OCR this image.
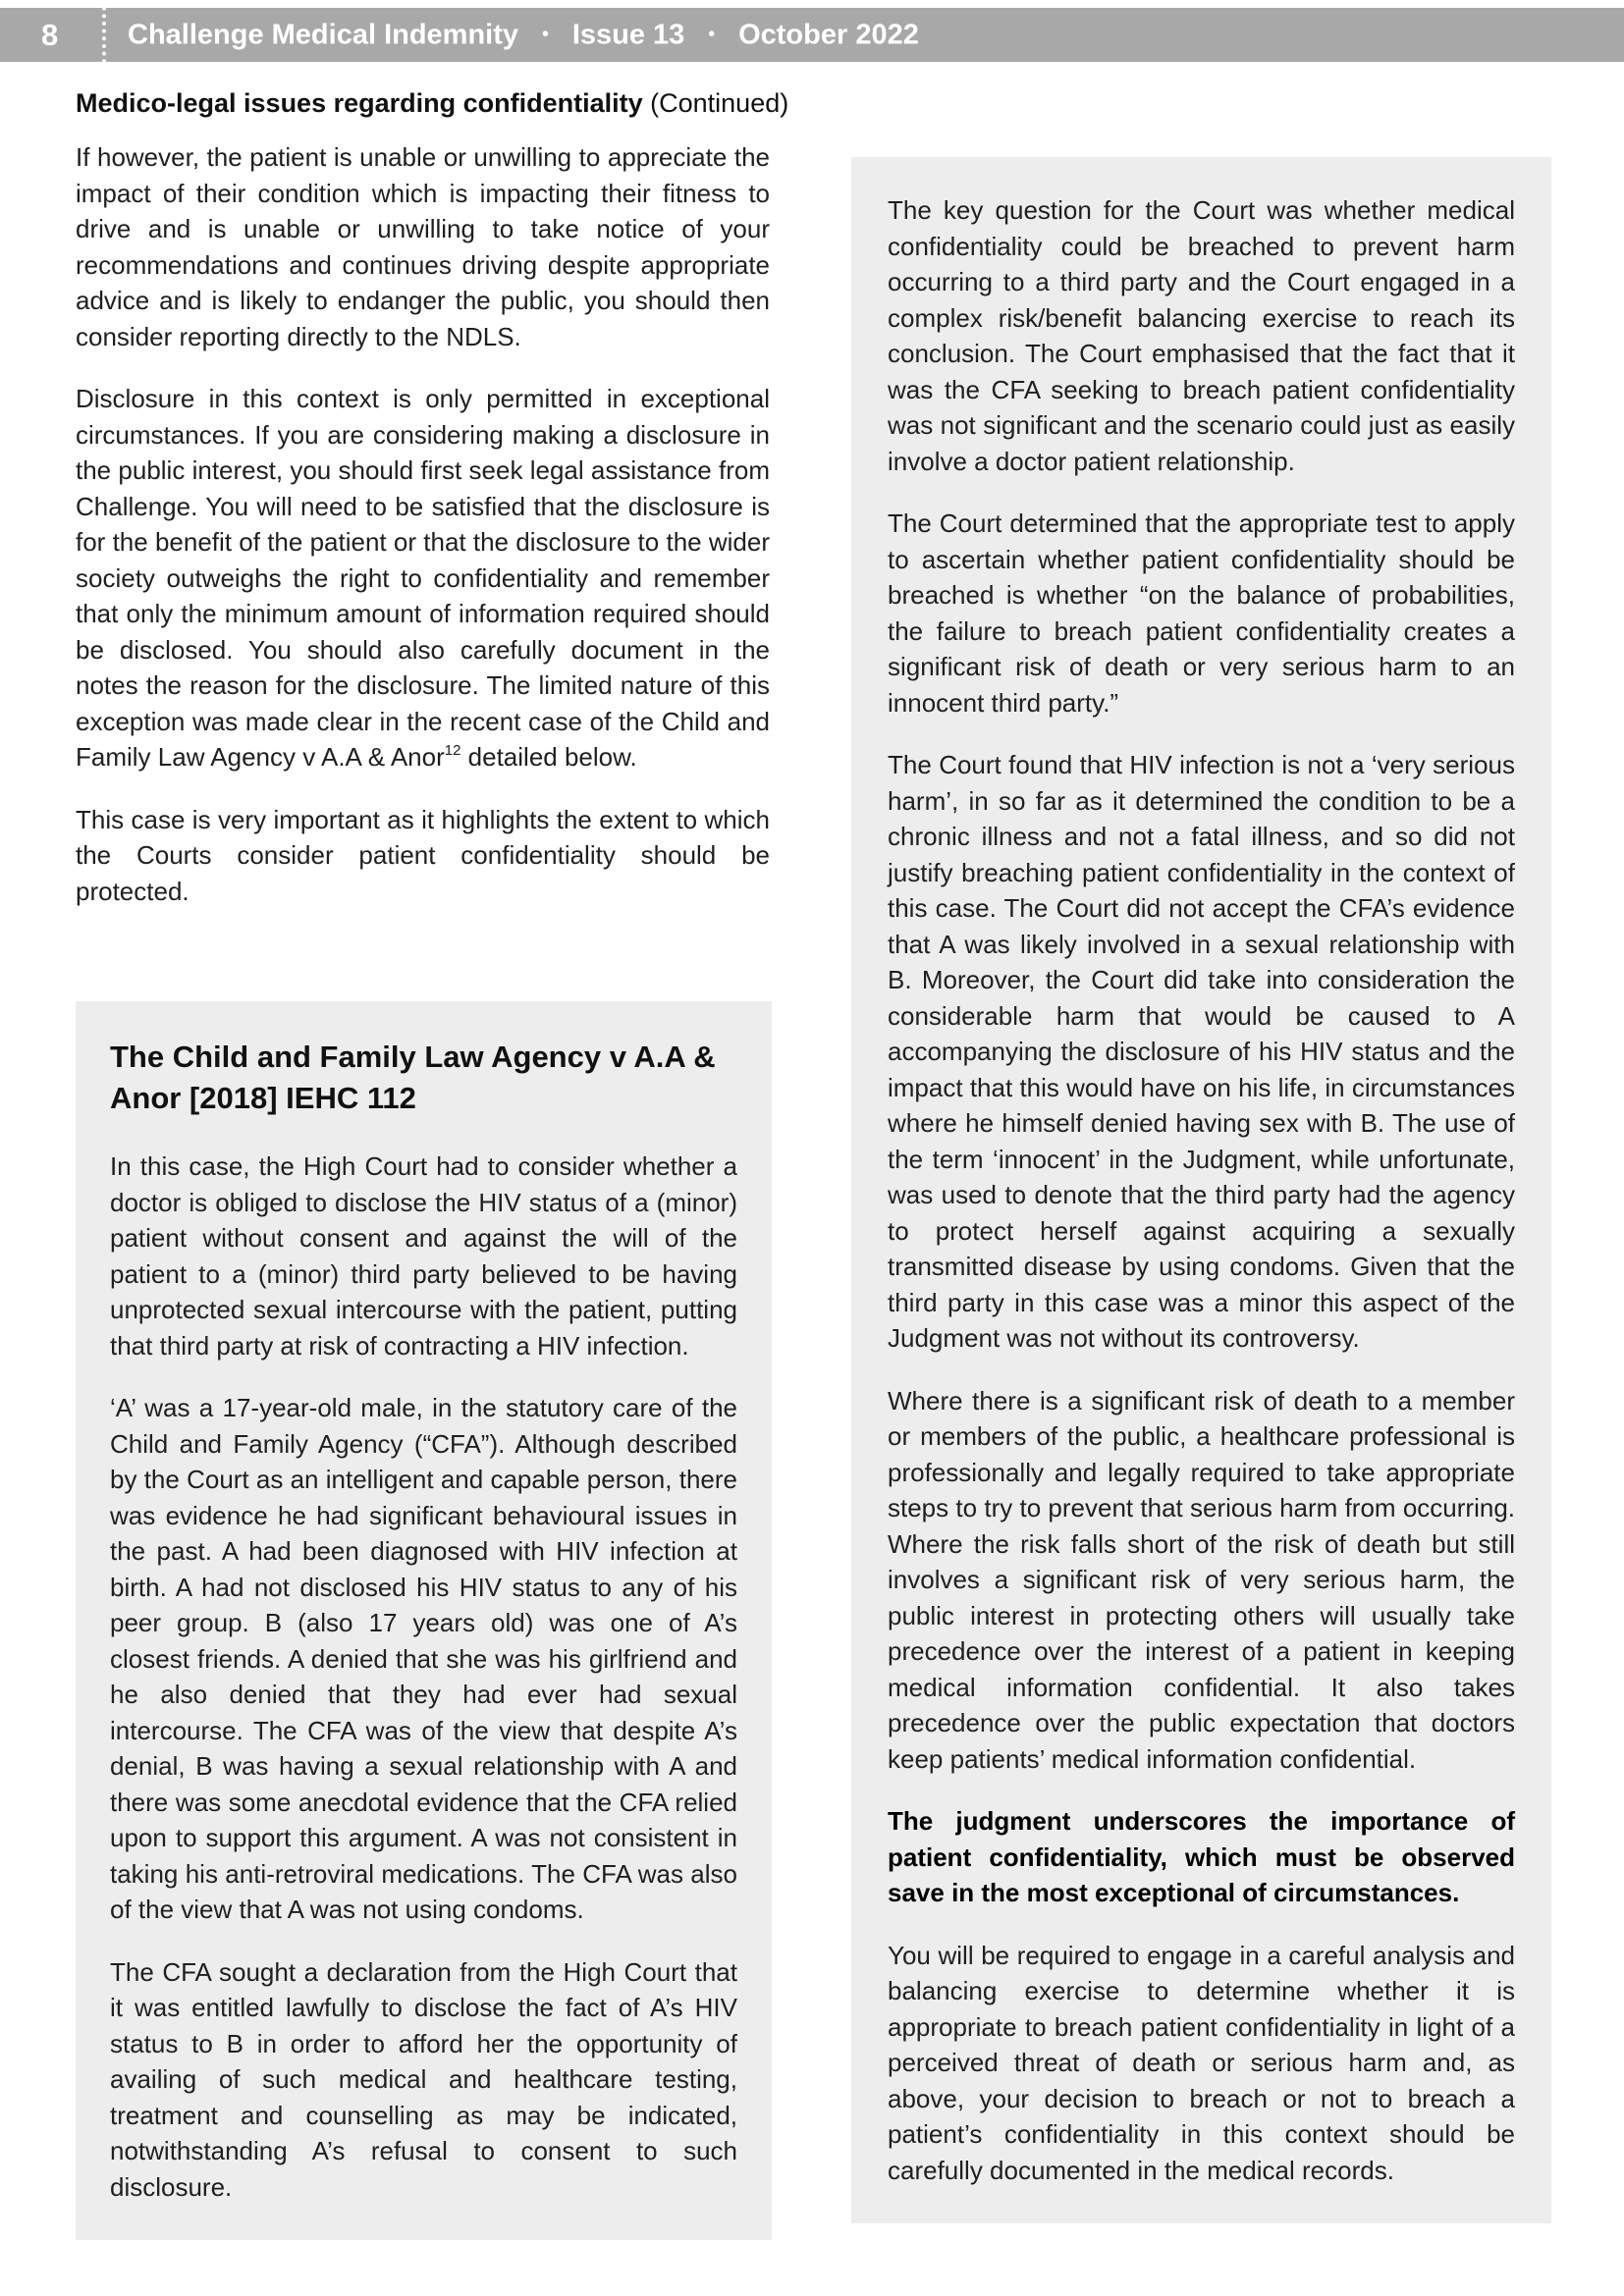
8 Challenge Medical Indemnity • Issue 13 • October 2022
Medico-legal issues regarding confidentiality (Continued)

If however, the patient is unable or unwilling to appreciate the impact of their condition which is impacting their fitness to drive and is unable or unwilling to take notice of your recommendations and continues driving despite appropriate advice and is likely to endanger the public, you should then consider reporting directly to the NDLS.

Disclosure in this context is only permitted in exceptional circumstances. If you are considering making a disclosure in the public interest, you should first seek legal assistance from Challenge. You will need to be satisfied that the disclosure is for the benefit of the patient or that the disclosure to the wider society outweighs the right to confidentiality and remember that only the minimum amount of information required should be disclosed. You should also carefully document in the notes the reason for the disclosure. The limited nature of this exception was made clear in the recent case of the Child and Family Law Agency v A.A & Anor$^{12}$ detailed below.

This case is very important as it highlights the extent to which the Courts consider patient confidentiality should be protected.

The Child and Family Law Agency v A.A & Anor [2018] IEHC 112

In this case, the High Court had to consider whether a doctor is obliged to disclose the HIV status of a (minor) patient without consent and against the will of the patient to a (minor) third party believed to be having unprotected sexual intercourse with the patient, putting that third party at risk of contracting a HIV infection.

‘A’ was a 17-year-old male, in the statutory care of the Child and Family Agency (“CFA”). Although described by the Court as an intelligent and capable person, there was evidence he had significant behavioural issues in the past. A had been diagnosed with HIV infection at birth. A had not disclosed his HIV status to any of his peer group. B (also 17 years old) was one of A’s closest friends. A denied that she was his girlfriend and he also denied that they had ever had sexual intercourse. The CFA was of the view that despite A’s denial, B was having a sexual relationship with A and there was some anecdotal evidence that the CFA relied upon to support this argument. A was not consistent in taking his anti-retroviral medications. The CFA was also of the view that A was not using condoms.

The CFA sought a declaration from the High Court that it was entitled lawfully to disclose the fact of A’s HIV status to B in order to afford her the opportunity of availing of such medical and healthcare testing, treatment and counselling as may be indicated, notwithstanding A’s refusal to consent to such disclosure.

The key question for the Court was whether medical confidentiality could be breached to prevent harm occurring to a third party and the Court engaged in a complex risk/benefit balancing exercise to reach its conclusion. The Court emphasised that the fact that it was the CFA seeking to breach patient confidentiality was not significant and the scenario could just as easily involve a doctor patient relationship.

The Court determined that the appropriate test to apply to ascertain whether patient confidentiality should be breached is whether “on the balance of probabilities, the failure to breach patient confidentiality creates a significant risk of death or very serious harm to an innocent third party.”

The Court found that HIV infection is not a ‘very serious harm’, in so far as it determined the condition to be a chronic illness and not a fatal illness, and so did not justify breaching patient confidentiality in the context of this case. The Court did not accept the CFA’s evidence that A was likely involved in a sexual relationship with B. Moreover, the Court did take into consideration the considerable harm that would be caused to A accompanying the disclosure of his HIV status and the impact that this would have on his life, in circumstances where he himself denied having sex with B. The use of the term ‘innocent’ in the Judgment, while unfortunate, was used to denote that the third party had the agency to protect herself against acquiring a sexually transmitted disease by using condoms. Given that the third party in this case was a minor this aspect of the Judgment was not without its controversy.

Where there is a significant risk of death to a member or members of the public, a healthcare professional is professionally and legally required to take appropriate steps to try to prevent that serious harm from occurring. Where the risk falls short of the risk of death but still involves a significant risk of very serious harm, the public interest in protecting others will usually take precedence over the interest of a patient in keeping medical information confidential. It also takes precedence over the public expectation that doctors keep patients’ medical information confidential.

The judgment underscores the importance of patient confidentiality, which must be observed save in the most exceptional of circumstances.

You will be required to engage in a careful analysis and balancing exercise to determine whether it is appropriate to breach patient confidentiality in light of a perceived threat of death or serious harm and, as above, your decision to breach or not to breach a patient’s confidentiality in this context should be carefully documented in the medical records.
